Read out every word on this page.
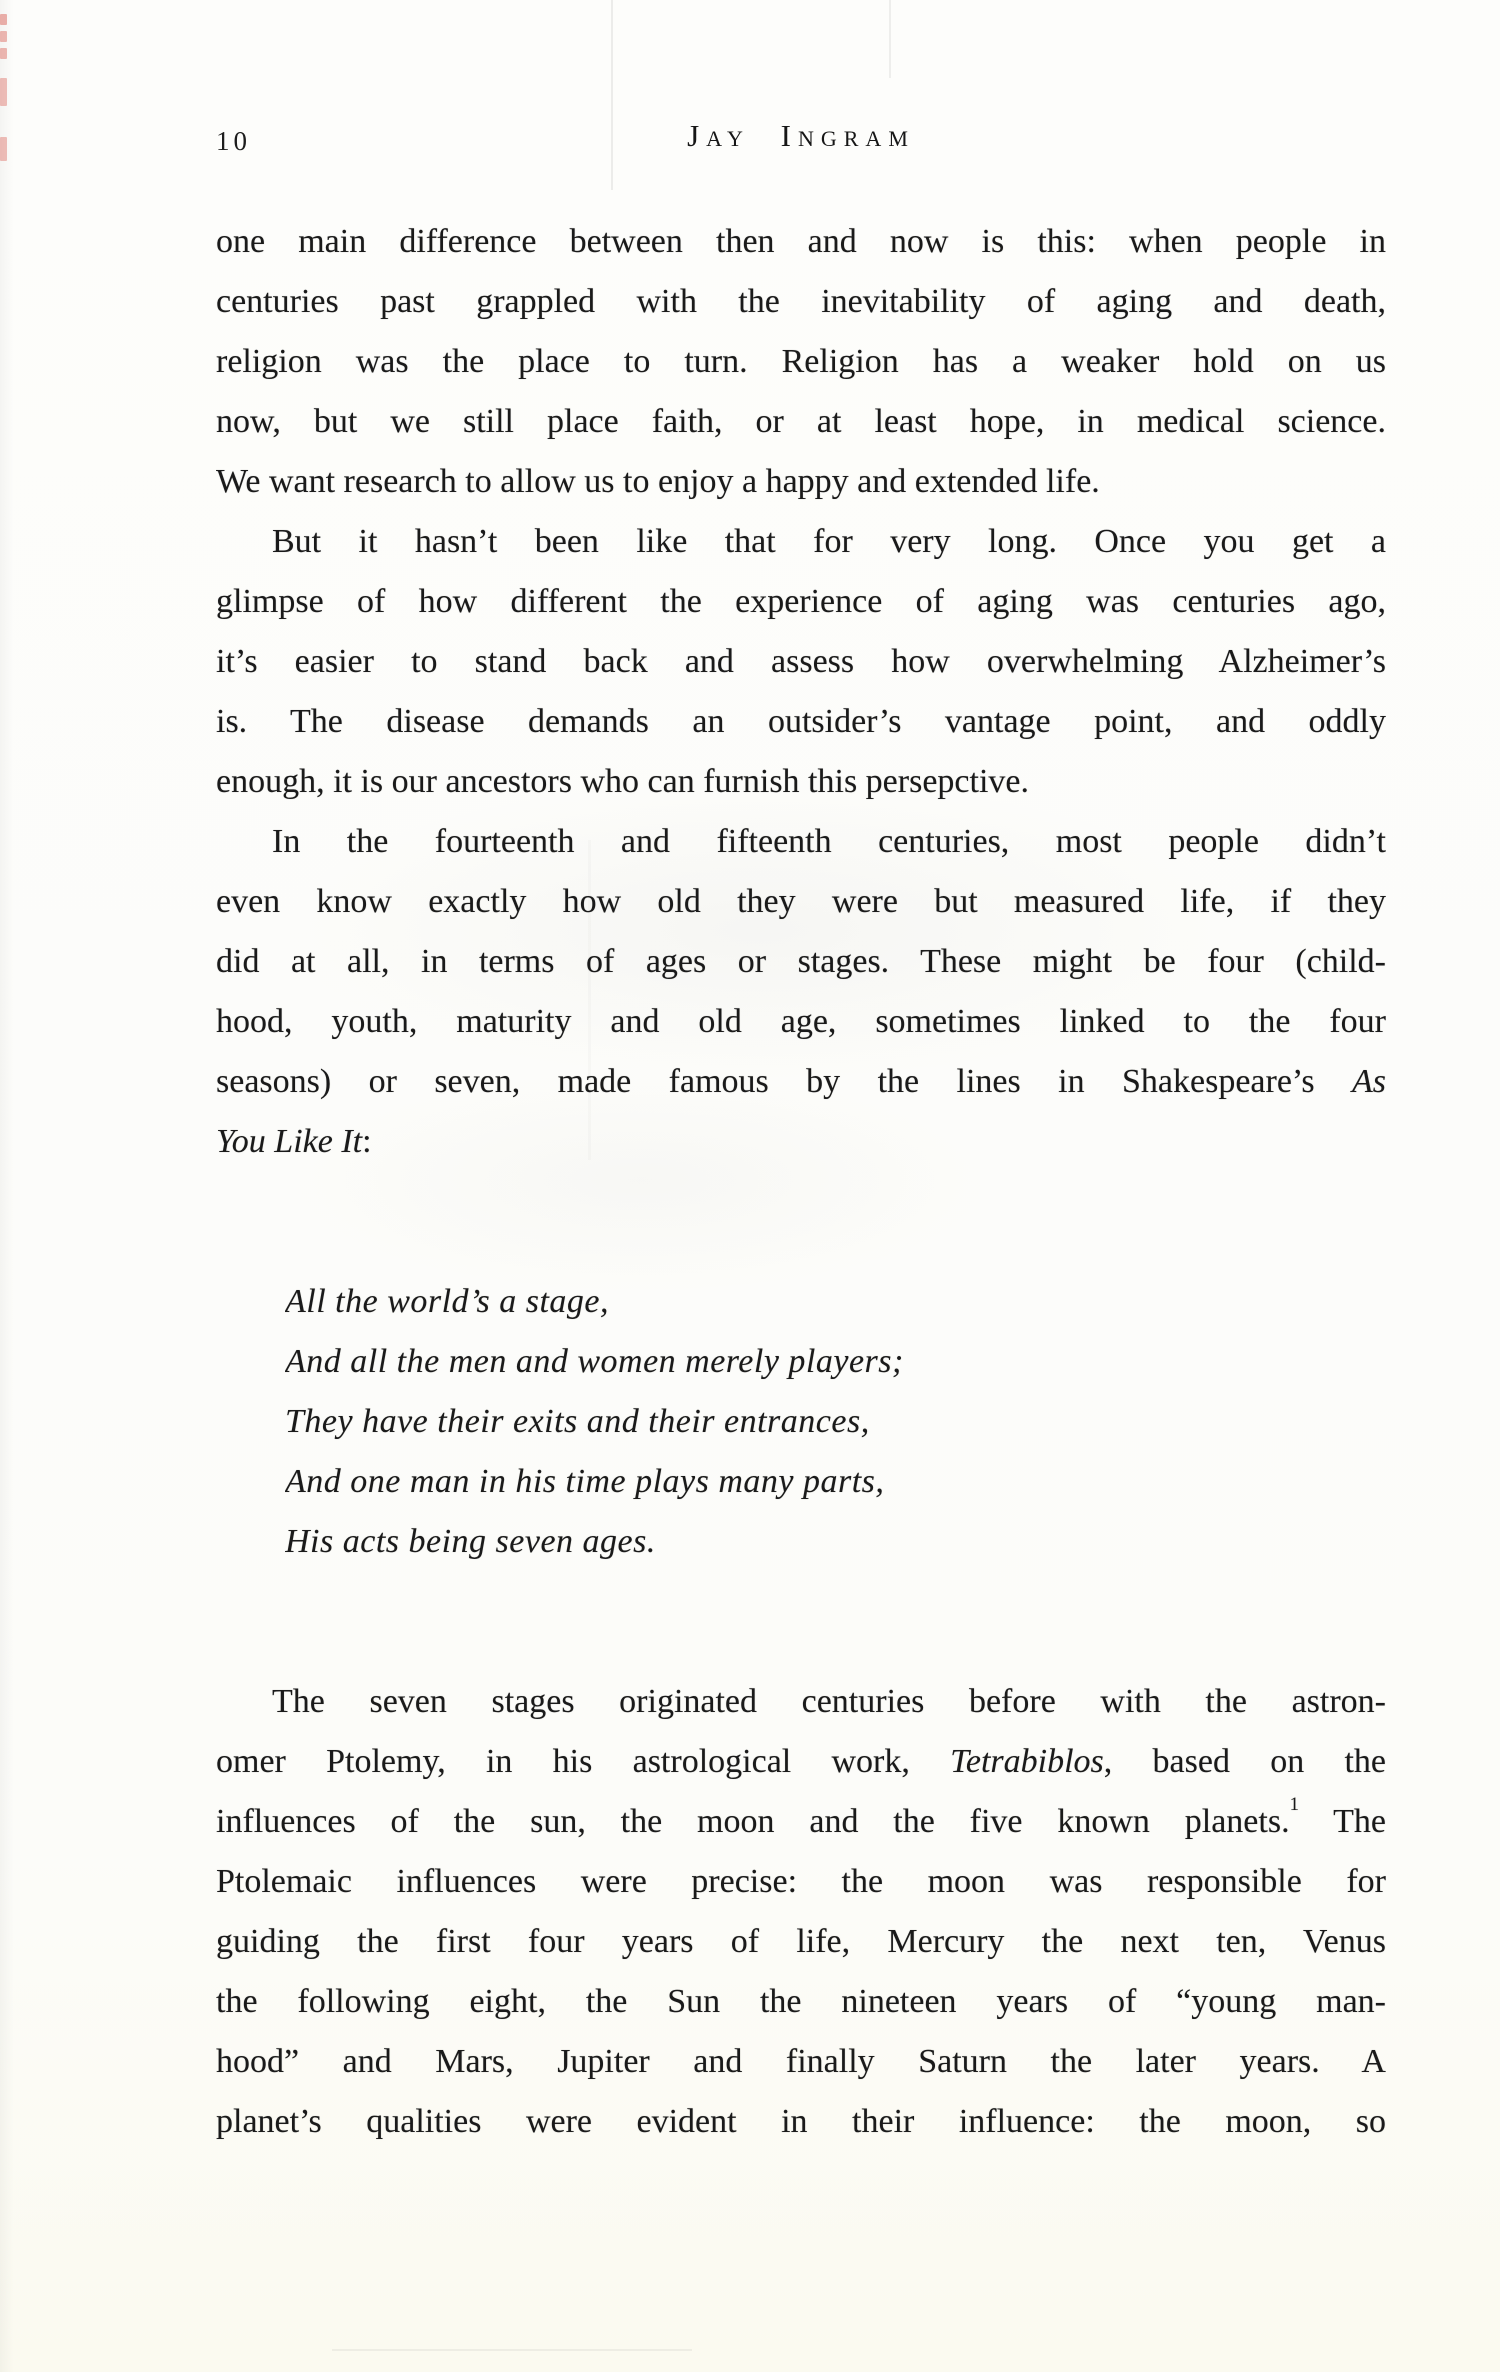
10	Jay Ingram
one main difference between then and now is this: when people in
centuries past grappled with the inevitability of aging and death,
religion was the place to turn. Religion has a weaker hold on us
now, but we still place faith, or at least hope, in medical science.
We want research to allow us to enjoy a happy and extended life.
But it hasn’t been like that for very long. Once you get a
glimpse of how different the experience of aging was centuries ago,
it’s easier to stand back and assess how overwhelming Alzheimer’s
is. The disease demands an outsider’s vantage point, and oddly
enough, it is our ancestors who can furnish this persepctive.
In the fourteenth and fifteenth centuries, most people didn’t
even know exactly how old they were but measured life, if they
did at all, in terms of ages or stages. These might be four (child-
hood, youth, maturity and old age, sometimes linked to the four
seasons) or seven, made famous by the lines in Shakespeare’s As
You Like It:
All the world’s a stage,
And all the men and women merely players;
They have their exits and their entrances,
And one man in his time plays many parts,
His acts being seven ages.
The seven stages originated centuries before with the astron-
omer Ptolemy, in his astrological work, Tetrabiblos, based on the
influences of the sun, the moon and the five known planets.$^1$ The
Ptolemaic influences were precise: the moon was responsible for
guiding the first four years of life, Mercury the next ten, Venus
the following eight, the Sun the nineteen years of “young man-
hood” and Mars, Jupiter and finally Saturn the later years. A
planet’s qualities were evident in their influence: the moon, so
